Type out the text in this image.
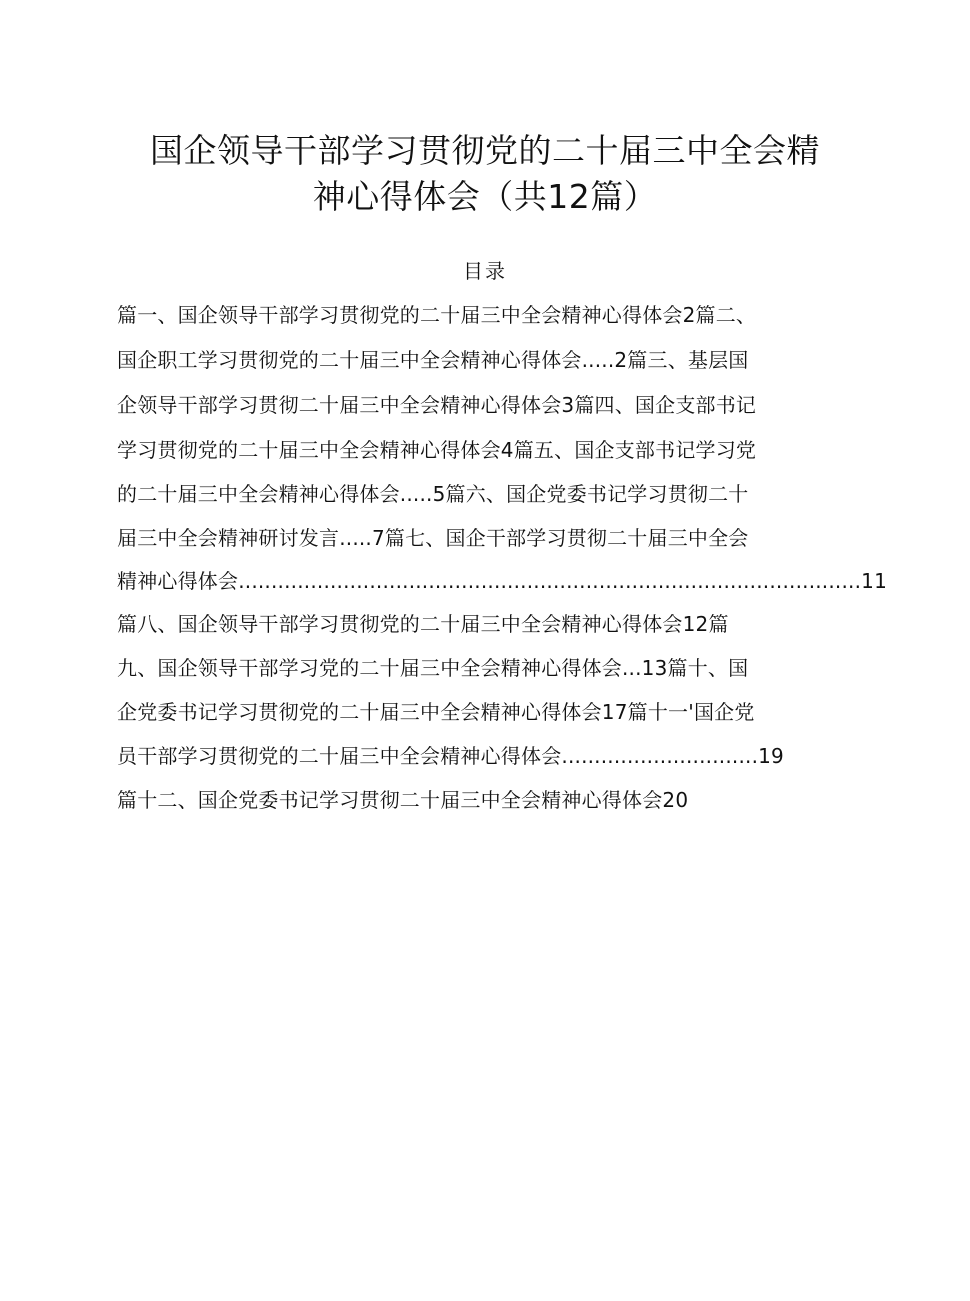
国企领导干部学习贯彻党的二十届三中全会精
神心得体会（共12篇）
目录
篇一、国企领导干部学习贯彻党的二十届三中全会精神心得体会2篇二、
国企职工学习贯彻党的二十届三中全会精神心得体会.....2篇三、基层国
企领导干部学习贯彻二十届三中全会精神心得体会3篇四、国企支部书记
学习贯彻党的二十届三中全会精神心得体会4篇五、国企支部书记学习党
的二十届三中全会精神心得体会.....5篇六、国企党委书记学习贯彻二十
届三中全会精神研讨发言.....7篇七、国企干部学习贯彻二十届三中全会
精神心得体会...............................................................................................11
篇八、国企领导干部学习贯彻党的二十届三中全会精神心得体会12篇
九、国企领导干部学习党的二十届三中全会精神心得体会...13篇十、国
企党委书记学习贯彻党的二十届三中全会精神心得体会17篇十一'国企党
员干部学习贯彻党的二十届三中全会精神心得体会..............................19
篇十二、国企党委书记学习贯彻二十届三中全会精神心得体会20
